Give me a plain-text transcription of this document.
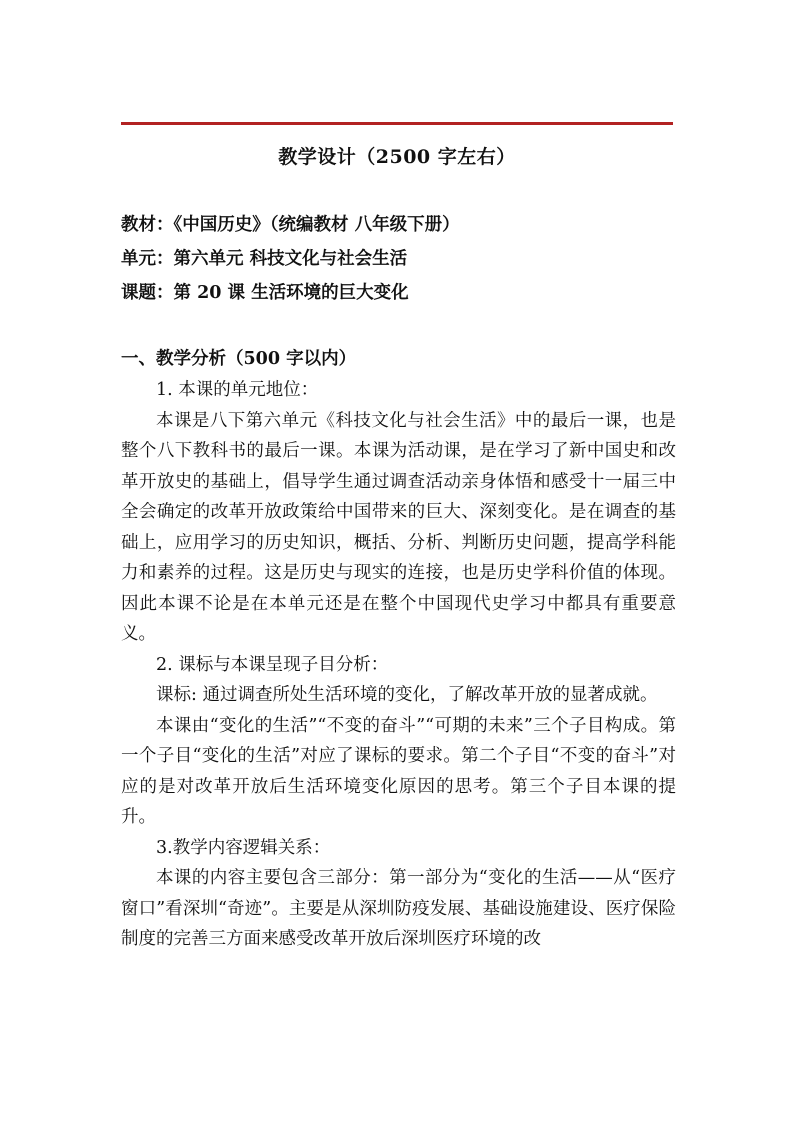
教学设计（2500 字左右）
教材：《中国历史》（统编教材 八年级下册）
单元：第六单元 科技文化与社会生活
课题：第 20 课 生活环境的巨大变化
一、教学分析（500 字以内）

1. 本课的单元地位：

本课是八下第六单元《科技文化与社会生活》中的最后一课，也是整个八下教科书的最后一课。本课为活动课，是在学习了新中国史和改革开放史的基础上，倡导学生通过调查活动亲身体悟和感受十一届三中全会确定的改革开放政策给中国带来的巨大、深刻变化。是在调查的基础上，应用学习的历史知识，概括、分析、判断历史问题，提高学科能力和素养的过程。这是历史与现实的连接，也是历史学科价值的体现。因此本课不论是在本单元还是在整个中国现代史学习中都具有重要意义。

2. 课标与本课呈现子目分析：

课标: 通过调查所处生活环境的变化，了解改革开放的显著成就。

本课由“变化的生活”“不变的奋斗”“可期的未来”三个子目构成。第一个子目“变化的生活”对应了课标的要求。第二个子目“不变的奋斗”对应的是对改革开放后生活环境变化原因的思考。第三个子目本课的提升。

3.教学内容逻辑关系：

本课的内容主要包含三部分：第一部分为“变化的生活——从“医疗窗口”看深圳“奇迹”。主要是从深圳防疫发展、基础设施建设、医疗保险制度的完善三方面来感受改革开放后深圳医疗环境的改
